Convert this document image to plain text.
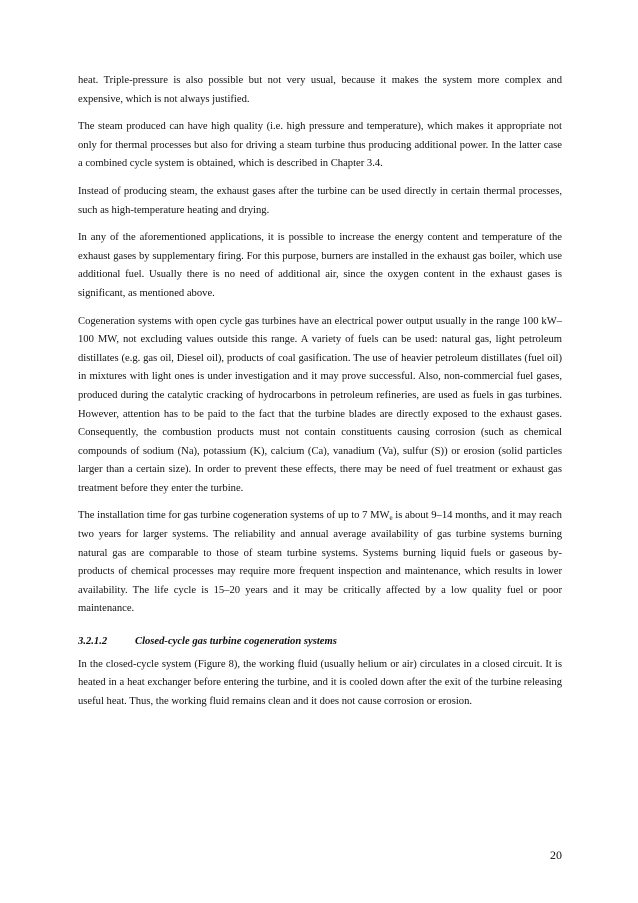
heat. Triple-pressure is also possible but not very usual, because it makes the system more complex and expensive, which is not always justified.

The steam produced can have high quality (i.e. high pressure and temperature), which makes it appropriate not only for thermal processes but also for driving a steam turbine thus producing additional power. In the latter case a combined cycle system is obtained, which is described in Chapter 3.4.

Instead of producing steam, the exhaust gases after the turbine can be used directly in certain thermal processes, such as high-temperature heating and drying.

In any of the aforementioned applications, it is possible to increase the energy content and temperature of the exhaust gases by supplementary firing. For this purpose, burners are installed in the exhaust gas boiler, which use additional fuel. Usually there is no need of additional air, since the oxygen content in the exhaust gases is significant, as mentioned above.

Cogeneration systems with open cycle gas turbines have an electrical power output usually in the range 100 kW–100 MW, not excluding values outside this range. A variety of fuels can be used: natural gas, light petroleum distillates (e.g. gas oil, Diesel oil), products of coal gasification. The use of heavier petroleum distillates (fuel oil) in mixtures with light ones is under investigation and it may prove successful. Also, non-commercial fuel gases, produced during the catalytic cracking of hydrocarbons in petroleum refineries, are used as fuels in gas turbines. However, attention has to be paid to the fact that the turbine blades are directly exposed to the exhaust gases. Consequently, the combustion products must not contain constituents causing corrosion (such as chemical compounds of sodium (Na), potassium (K), calcium (Ca), vanadium (Va), sulfur (S)) or erosion (solid particles larger than a certain size). In order to prevent these effects, there may be need of fuel treatment or exhaust gas treatment before they enter the turbine.

The installation time for gas turbine cogeneration systems of up to 7 $MW_e$ is about 9–14 months, and it may reach two years for larger systems. The reliability and annual average availability of gas turbine systems burning natural gas are comparable to those of steam turbine systems. Systems burning liquid fuels or gaseous by-products of chemical processes may require more frequent inspection and maintenance, which results in lower availability. The life cycle is 15–20 years and it may be critically affected by a low quality fuel or poor maintenance.

3.2.1.2	Closed-cycle gas turbine cogeneration systems

In the closed-cycle system (Figure 8), the working fluid (usually helium or air) circulates in a closed circuit. It is heated in a heat exchanger before entering the turbine, and it is cooled down after the exit of the turbine releasing useful heat. Thus, the working fluid remains clean and it does not cause corrosion or erosion.

20
